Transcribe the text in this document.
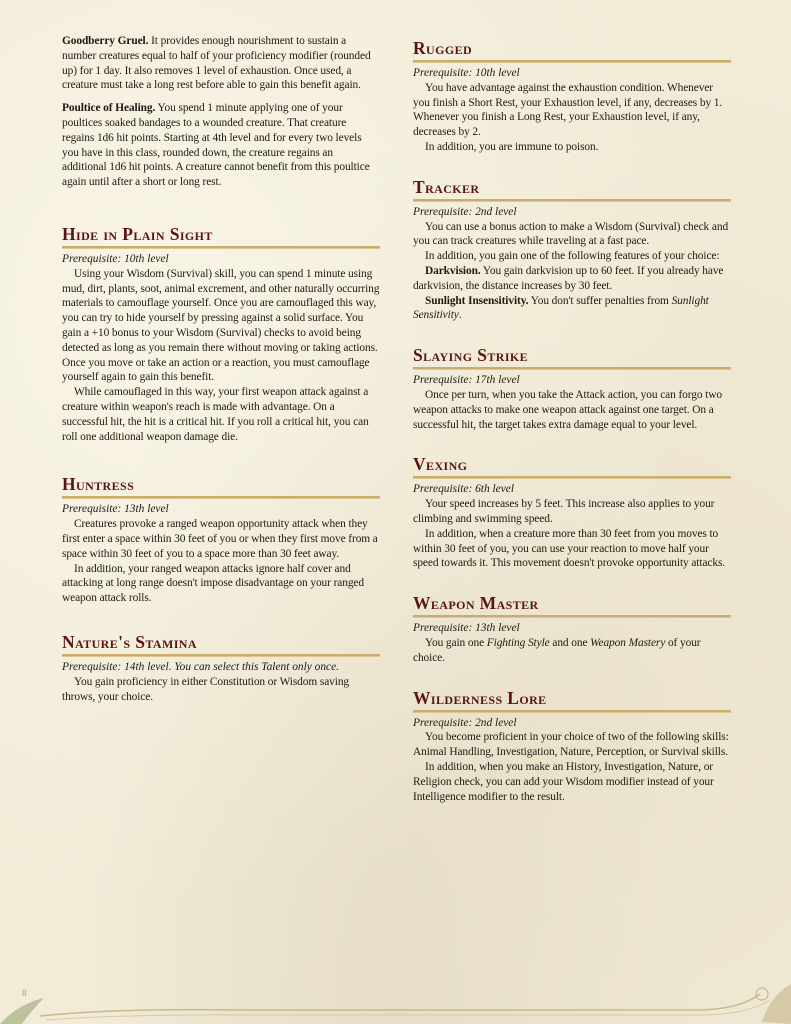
Goodberry Gruel. It provides enough nourishment to sustain a number creatures equal to half of your proficiency modifier (rounded up) for 1 day. It also removes 1 level of exhaustion. Once used, a creature must take a long rest before able to gain this benefit again.

Poultice of Healing. You spend 1 minute applying one of your poultices soaked bandages to a wounded creature. That creature regains 1d6 hit points. Starting at 4th level and for every two levels you have in this class, rounded down, the creature regains an additional 1d6 hit points. A creature cannot benefit from this poultice again until after a short or long rest.

Hide in Plain Sight

Prerequisite: 10th level

Using your Wisdom (Survival) skill, you can spend 1 minute using mud, dirt, plants, soot, animal excrement, and other naturally occurring materials to camouflage yourself. Once you are camouflaged this way, you can try to hide yourself by pressing against a solid surface. You gain a +10 bonus to your Wisdom (Survival) checks to avoid being detected as long as you remain there without moving or taking actions. Once you move or take an action or a reaction, you must camouflage yourself again to gain this benefit.

While camouflaged in this way, your first weapon attack against a creature within weapon's reach is made with advantage. On a successful hit, the hit is a critical hit. If you roll a critical hit, you can roll one additional weapon damage die.

Huntress

Prerequisite: 13th level

Creatures provoke a ranged weapon opportunity attack when they first enter a space within 30 feet of you or when they first move from a space within 30 feet of you to a space more than 30 feet away.

In addition, your ranged weapon attacks ignore half cover and attacking at long range doesn't impose disadvantage on your ranged weapon attack rolls.

Nature's Stamina

Prerequisite: 14th level. You can select this Talent only once.

You gain proficiency in either Constitution or Wisdom saving throws, your choice.

Rugged

Prerequisite: 10th level

You have advantage against the exhaustion condition. Whenever you finish a Short Rest, your Exhaustion level, if any, decreases by 1. Whenever you finish a Long Rest, your Exhaustion level, if any, decreases by 2.

In addition, you are immune to poison.

Tracker

Prerequisite: 2nd level

You can use a bonus action to make a Wisdom (Survival) check and you can track creatures while traveling at a fast pace.

In addition, you gain one of the following features of your choice:

Darkvision. You gain darkvision up to 60 feet. If you already have darkvision, the distance increases by 30 feet.

Sunlight Insensitivity. You don't suffer penalties from Sunlight Sensitivity.

Slaying Strike

Prerequisite: 17th level

Once per turn, when you take the Attack action, you can forgo two weapon attacks to make one weapon attack against one target. On a successful hit, the target takes extra damage equal to your level.

Vexing

Prerequisite: 6th level

Your speed increases by 5 feet. This increase also applies to your climbing and swimming speed.

In addition, when a creature more than 30 feet from you moves to within 30 feet of you, you can use your reaction to move half your speed towards it. This movement doesn't provoke opportunity attacks.

Weapon Master

Prerequisite: 13th level

You gain one Fighting Style and one Weapon Mastery of your choice.

Wilderness Lore

Prerequisite: 2nd level

You become proficient in your choice of two of the following skills: Animal Handling, Investigation, Nature, Perception, or Survival skills.

In addition, when you make an History, Investigation, Nature, or Religion check, you can add your Wisdom modifier instead of your Intelligence modifier to the result.

8
